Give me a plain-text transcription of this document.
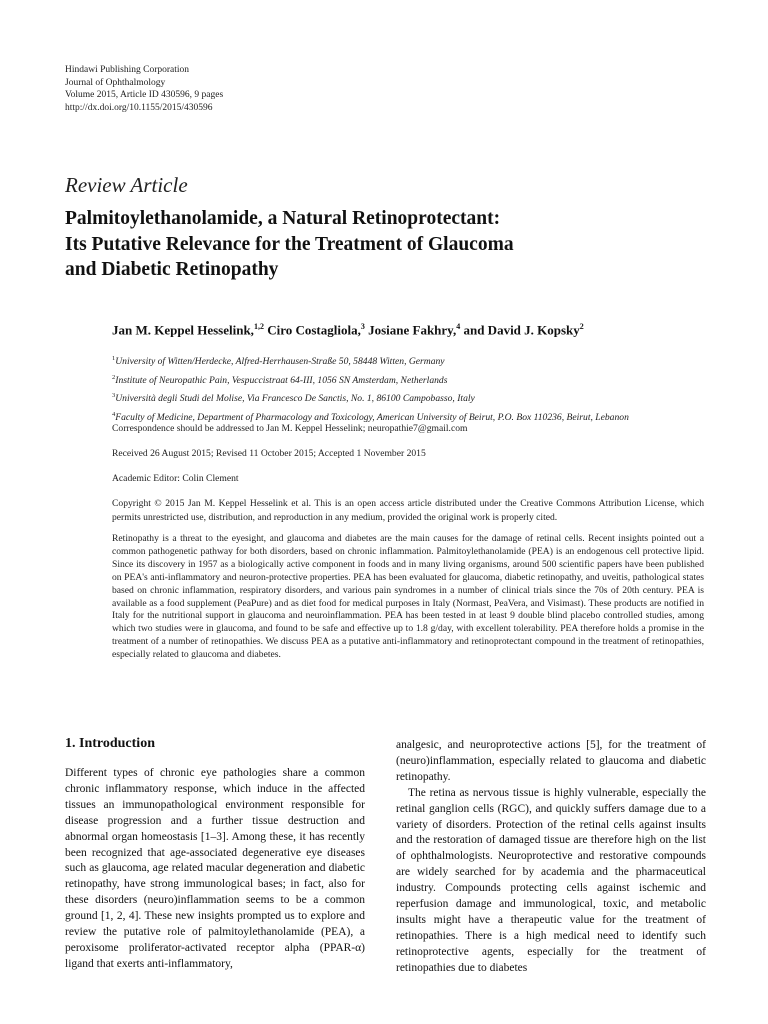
Hindawi Publishing Corporation
Journal of Ophthalmology
Volume 2015, Article ID 430596, 9 pages
http://dx.doi.org/10.1155/2015/430596
Review Article
Palmitoylethanolamide, a Natural Retinoprotectant:
Its Putative Relevance for the Treatment of Glaucoma
and Diabetic Retinopathy
Jan M. Keppel Hesselink,$^{1,2}$ Ciro Costagliola,$^3$ Josiane Fakhry,$^4$ and David J. Kopsky$^2$
$^1$University of Witten/Herdecke, Alfred-Herrhausen-Straße 50, 58448 Witten, Germany
$^2$Institute of Neuropathic Pain, Vespuccistraat 64-III, 1056 SN Amsterdam, Netherlands
$^3$Università degli Studi del Molise, Via Francesco De Sanctis, No. 1, 86100 Campobasso, Italy
$^4$Faculty of Medicine, Department of Pharmacology and Toxicology, American University of Beirut, P.O. Box 110236, Beirut, Lebanon
Correspondence should be addressed to Jan M. Keppel Hesselink; neuropathie7@gmail.com
Received 26 August 2015; Revised 11 October 2015; Accepted 1 November 2015
Academic Editor: Colin Clement
Copyright © 2015 Jan M. Keppel Hesselink et al. This is an open access article distributed under the Creative Commons Attribution License, which permits unrestricted use, distribution, and reproduction in any medium, provided the original work is properly cited.
Retinopathy is a threat to the eyesight, and glaucoma and diabetes are the main causes for the damage of retinal cells. Recent insights pointed out a common pathogenetic pathway for both disorders, based on chronic inflammation. Palmitoylethanolamide (PEA) is an endogenous cell protective lipid. Since its discovery in 1957 as a biologically active component in foods and in many living organisms, around 500 scientific papers have been published on PEA's anti-inflammatory and neuron-protective properties. PEA has been evaluated for glaucoma, diabetic retinopathy, and uveitis, pathological states based on chronic inflammation, respiratory disorders, and various pain syndromes in a number of clinical trials since the 70s of 20th century. PEA is available as a food supplement (PeaPure) and as diet food for medical purposes in Italy (Normast, PeaVera, and Visimast). These products are notified in Italy for the nutritional support in glaucoma and neuroinflammation. PEA has been tested in at least 9 double blind placebo controlled studies, among which two studies were in glaucoma, and found to be safe and effective up to 1.8 g/day, with excellent tolerability. PEA therefore holds a promise in the treatment of a number of retinopathies. We discuss PEA as a putative anti-inflammatory and retinoprotectant compound in the treatment of retinopathies, especially related to glaucoma and diabetes.
1. Introduction

Different types of chronic eye pathologies share a common chronic inflammatory response, which induce in the affected tissues an immunopathological environment responsible for disease progression and a further tissue destruction and abnormal organ homeostasis [1–3]. Among these, it has recently been recognized that age-associated degenerative eye diseases such as glaucoma, age related macular degeneration and diabetic retinopathy, have strong immunological bases; in fact, also for these disorders (neuro)inflammation seems to be a common ground [1, 2, 4]. These new insights prompted us to explore and review the putative role of palmitoylethanolamide (PEA), a peroxisome proliferator-activated receptor alpha (PPAR-α) ligand that exerts anti-inflammatory,

analgesic, and neuroprotective actions [5], for the treatment of (neuro)inflammation, especially related to glaucoma and diabetic retinopathy.

The retina as nervous tissue is highly vulnerable, especially the retinal ganglion cells (RGC), and quickly suffers damage due to a variety of disorders. Protection of the retinal cells against insults and the restoration of damaged tissue are therefore high on the list of ophthalmologists. Neuroprotective and restorative compounds are widely searched for by academia and the pharmaceutical industry. Compounds protecting cells against ischemic and reperfusion damage and immunological, toxic, and metabolic insults might have a therapeutic value for the treatment of retinopathies. There is a high medical need to identify such retinoprotective agents, especially for the treatment of retinopathies due to diabetes
